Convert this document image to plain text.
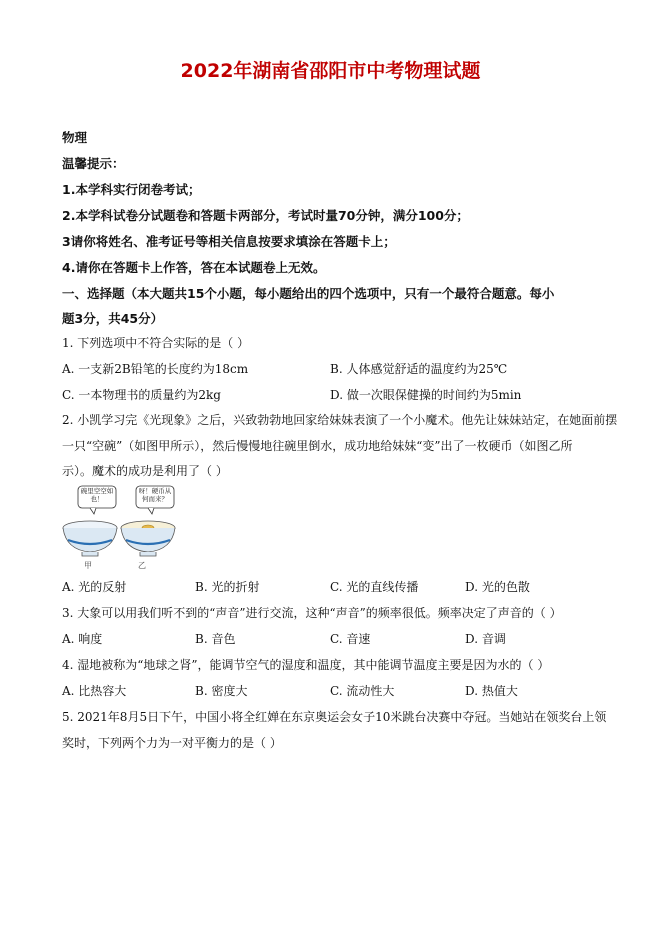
2022年湖南省邵阳市中考物理试题
物理
温馨提示：
1.本学科实行闭卷考试；
2.本学科试卷分试题卷和答题卡两部分，考试时量70分钟，满分100分；
3请你将姓名、准考证号等相关信息按要求填涂在答题卡上；
4.请你在答题卡上作答，答在本试题卷上无效。
一、选择题（本大题共15个小题，每小题给出的四个选项中，只有一个最符合题意。每小
题3分，共45分）
1. 下列选项中不符合实际的是（ ）
A. 一支新2B铅笔的长度约为18cm	B. 人体感觉舒适的温度约为25℃
C. 一本物理书的质量约为2kg	D. 做一次眼保健操的时间约为5min
2. 小凯学习完《光现象》之后，兴致勃勃地回家给妹妹表演了一个小魔术。他先让妹妹站定，在她面前摆
一只“空碗”（如图甲所示），然后慢慢地往碗里倒水，成功地给妹妹“变”出了一枚硬币（如图乙所
示）。魔术的成功是利用了（ ）
碗里空空如也！
呀！硬币从何而来？
甲	乙
A. 光的反射	B. 光的折射	C. 光的直线传播	D. 光的色散
3. 大象可以用我们听不到的“声音”进行交流，这种“声音”的频率很低。频率决定了声音的（ ）
A. 响度	B. 音色	C. 音速	D. 音调
4. 湿地被称为“地球之肾”，能调节空气的湿度和温度，其中能调节温度主要是因为水的（ ）
A. 比热容大	B. 密度大	C. 流动性大	D. 热值大
5. 2021年8月5日下午，中国小将全红婵在东京奥运会女子10米跳台决赛中夺冠。当她站在领奖台上领
奖时，下列两个力为一对平衡力的是（ ）
